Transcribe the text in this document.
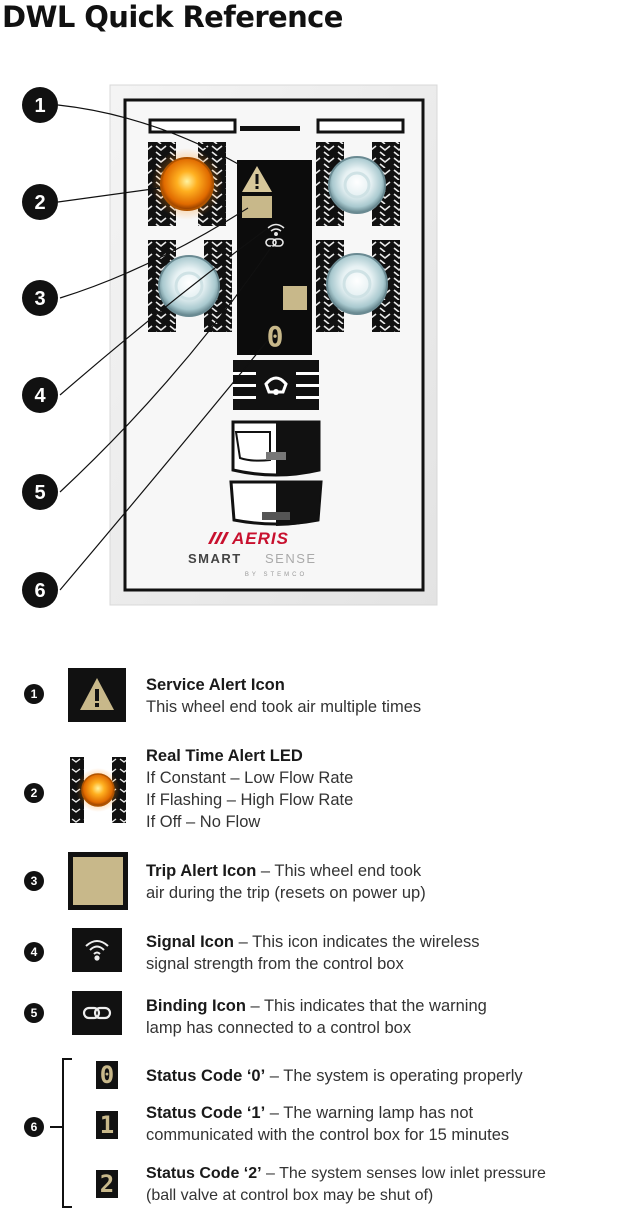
DWL Quick Reference
0
AERIS
SMART SENSE
BY STEMCO
1
2
3
4
5
6
1	Service Alert Icon
This wheel end took air multiple times
2
Real Time Alert LED
If Constant – Low Flow Rate
If Flashing – High Flow Rate
If Off – No Flow
3
Trip Alert Icon – This wheel end took
air during the trip (resets on power up)
4
Signal Icon – This icon indicates the wireless
signal strength from the control box
5	Binding Icon – This indicates that the warning
lamp has connected to a control box
6
0 Status Code ‘0’ – The system is operating properly
1 Status Code ‘1’ – The warning lamp has not
communicated with the control box for 15 minutes
2 Status Code ‘2’ – The system senses low inlet pressure
(ball valve at control box may be shut of)
